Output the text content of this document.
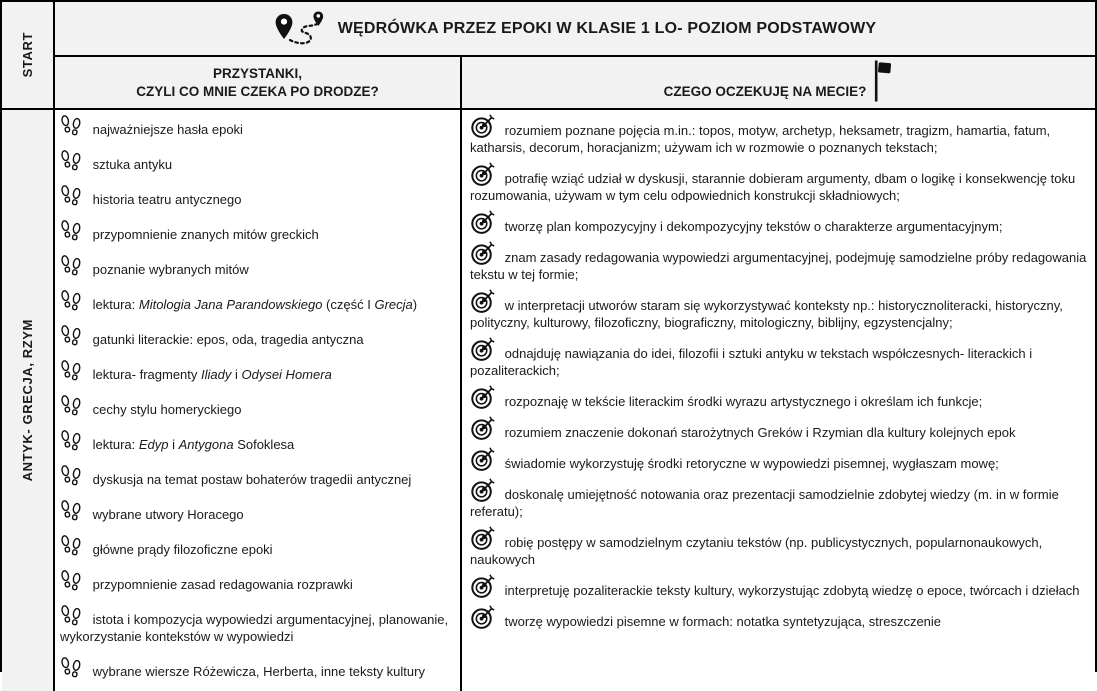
START
WĘDRÓWKA PRZEZ EPOKI W KLASIE 1 LO- POZIOM PODSTAWOWY
PRZYSTANKI,
CZYLI CO MNIE CZEKA PO DRODZE?	CZEGO OCZEKUJĘ NA MECIE?
ANTYK- GRECJA, RZYM
najważniejsze hasła epoki
sztuka antyku
historia teatru antycznego
przypomnienie znanych mitów greckich
poznanie wybranych mitów
lektura: Mitologia Jana Parandowskiego (część I Grecja)
gatunki literackie: epos, oda, tragedia antyczna
lektura- fragmenty Iliady i Odysei Homera
cechy stylu homeryckiego
lektura: Edyp i Antygona Sofoklesa
dyskusja na temat postaw bohaterów tragedii antycznej
wybrane utwory Horacego
główne prądy filozoficzne epoki
przypomnienie zasad redagowania rozprawki
istota i kompozycja wypowiedzi argumentacyjnej, planowanie, wykorzystanie kontekstów w wypowiedzi
wybrane wiersze Różewicza, Herberta, inne teksty kultury
rozumiem poznane pojęcia m.in.: topos, motyw, archetyp, heksametr, tragizm, hamartia, fatum, katharsis, decorum, horacjanizm; używam ich w rozmowie o poznanych tekstach;
potrafię wziąć udział w dyskusji, starannie dobieram argumenty, dbam o logikę i konsekwencję toku rozumowania, używam w tym celu odpowiednich konstrukcji składniowych;
tworzę plan kompozycyjny i dekompozycyjny tekstów o charakterze argumentacyjnym;
znam zasady redagowania wypowiedzi argumentacyjnej, podejmuję samodzielne próby redagowania tekstu w tej formie;
w interpretacji utworów staram się wykorzystywać konteksty np.: historycznoliteracki, historyczny, polityczny, kulturowy, filozoficzny, biograficzny, mitologiczny, biblijny, egzystencjalny;
odnajduję nawiązania do idei, filozofii i sztuki antyku w tekstach współczesnych- literackich i pozaliterackich;
rozpoznaję w tekście literackim środki wyrazu artystycznego i określam ich funkcje;
rozumiem znaczenie dokonań starożytnych Greków i Rzymian dla kultury kolejnych epok
świadomie wykorzystuję środki retoryczne w wypowiedzi pisemnej, wygłaszam mowę;
doskonalę umiejętność notowania oraz prezentacji samodzielnie zdobytej wiedzy (m. in w formie referatu);
robię postępy w samodzielnym czytaniu tekstów (np. publicystycznych, popularnonaukowych, naukowych
interpretuję pozaliterackie teksty kultury, wykorzystując zdobytą wiedzę o epoce, twórcach i dziełach
tworzę wypowiedzi pisemne w formach: notatka syntetyzująca, streszczenie
